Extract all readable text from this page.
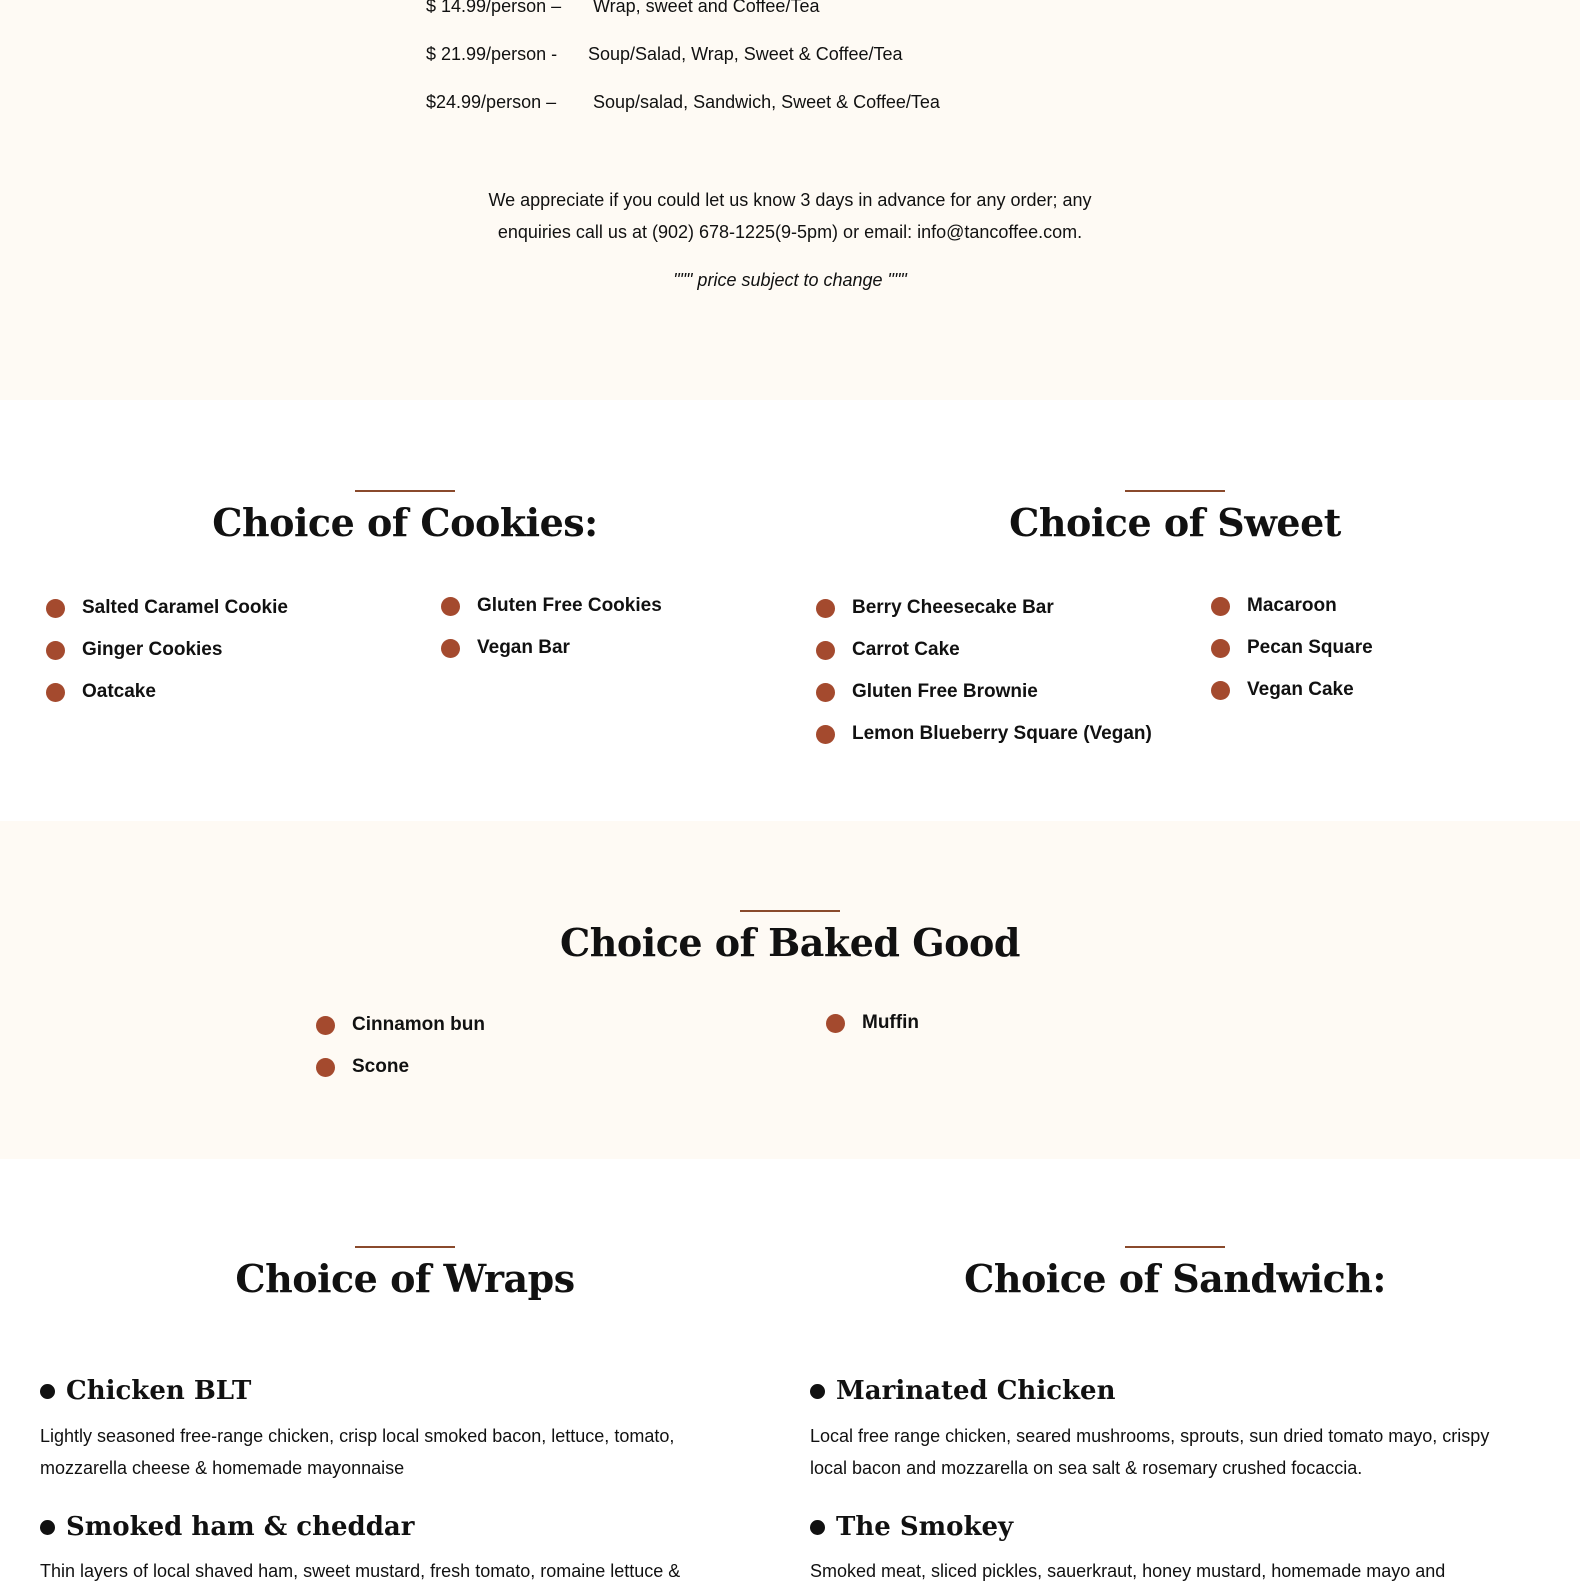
$ 14.99/person – Wrap, sweet and Coffee/Tea
$ 21.99/person - Soup/Salad, Wrap, Sweet & Coffee/Tea
$24.99/person – Soup/salad, Sandwich, Sweet & Coffee/Tea
We appreciate if you could let us know 3 days in advance for any order; any
enquiries call us at (902) 678-1225(9-5pm) or email: info@tancoffee.com.
""" price subject to change """
Choice of Cookies:
Salted Caramel Cookie
Ginger Cookies
Oatcake
Gluten Free Cookies
Vegan Bar
Choice of Sweet
Berry Cheesecake Bar
Carrot Cake
Gluten Free Brownie
Lemon Blueberry Square (Vegan)
Macaroon
Pecan Square
Vegan Cake
Choice of Baked Good
Cinnamon bun
Scone
Muffin
Choice of Wraps
Chicken BLT
Lightly seasoned free-range chicken, crisp local smoked bacon, lettuce, tomato,
mozzarella cheese & homemade mayonnaise
Smoked ham & cheddar
Thin layers of local shaved ham, sweet mustard, fresh tomato, romaine lettuce &
Choice of Sandwich:
Marinated Chicken
Local free range chicken, seared mushrooms, sprouts, sun dried tomato mayo, crispy
local bacon and mozzarella on sea salt & rosemary crushed focaccia.
The Smokey
Smoked meat, sliced pickles, sauerkraut, honey mustard, homemade mayo and
